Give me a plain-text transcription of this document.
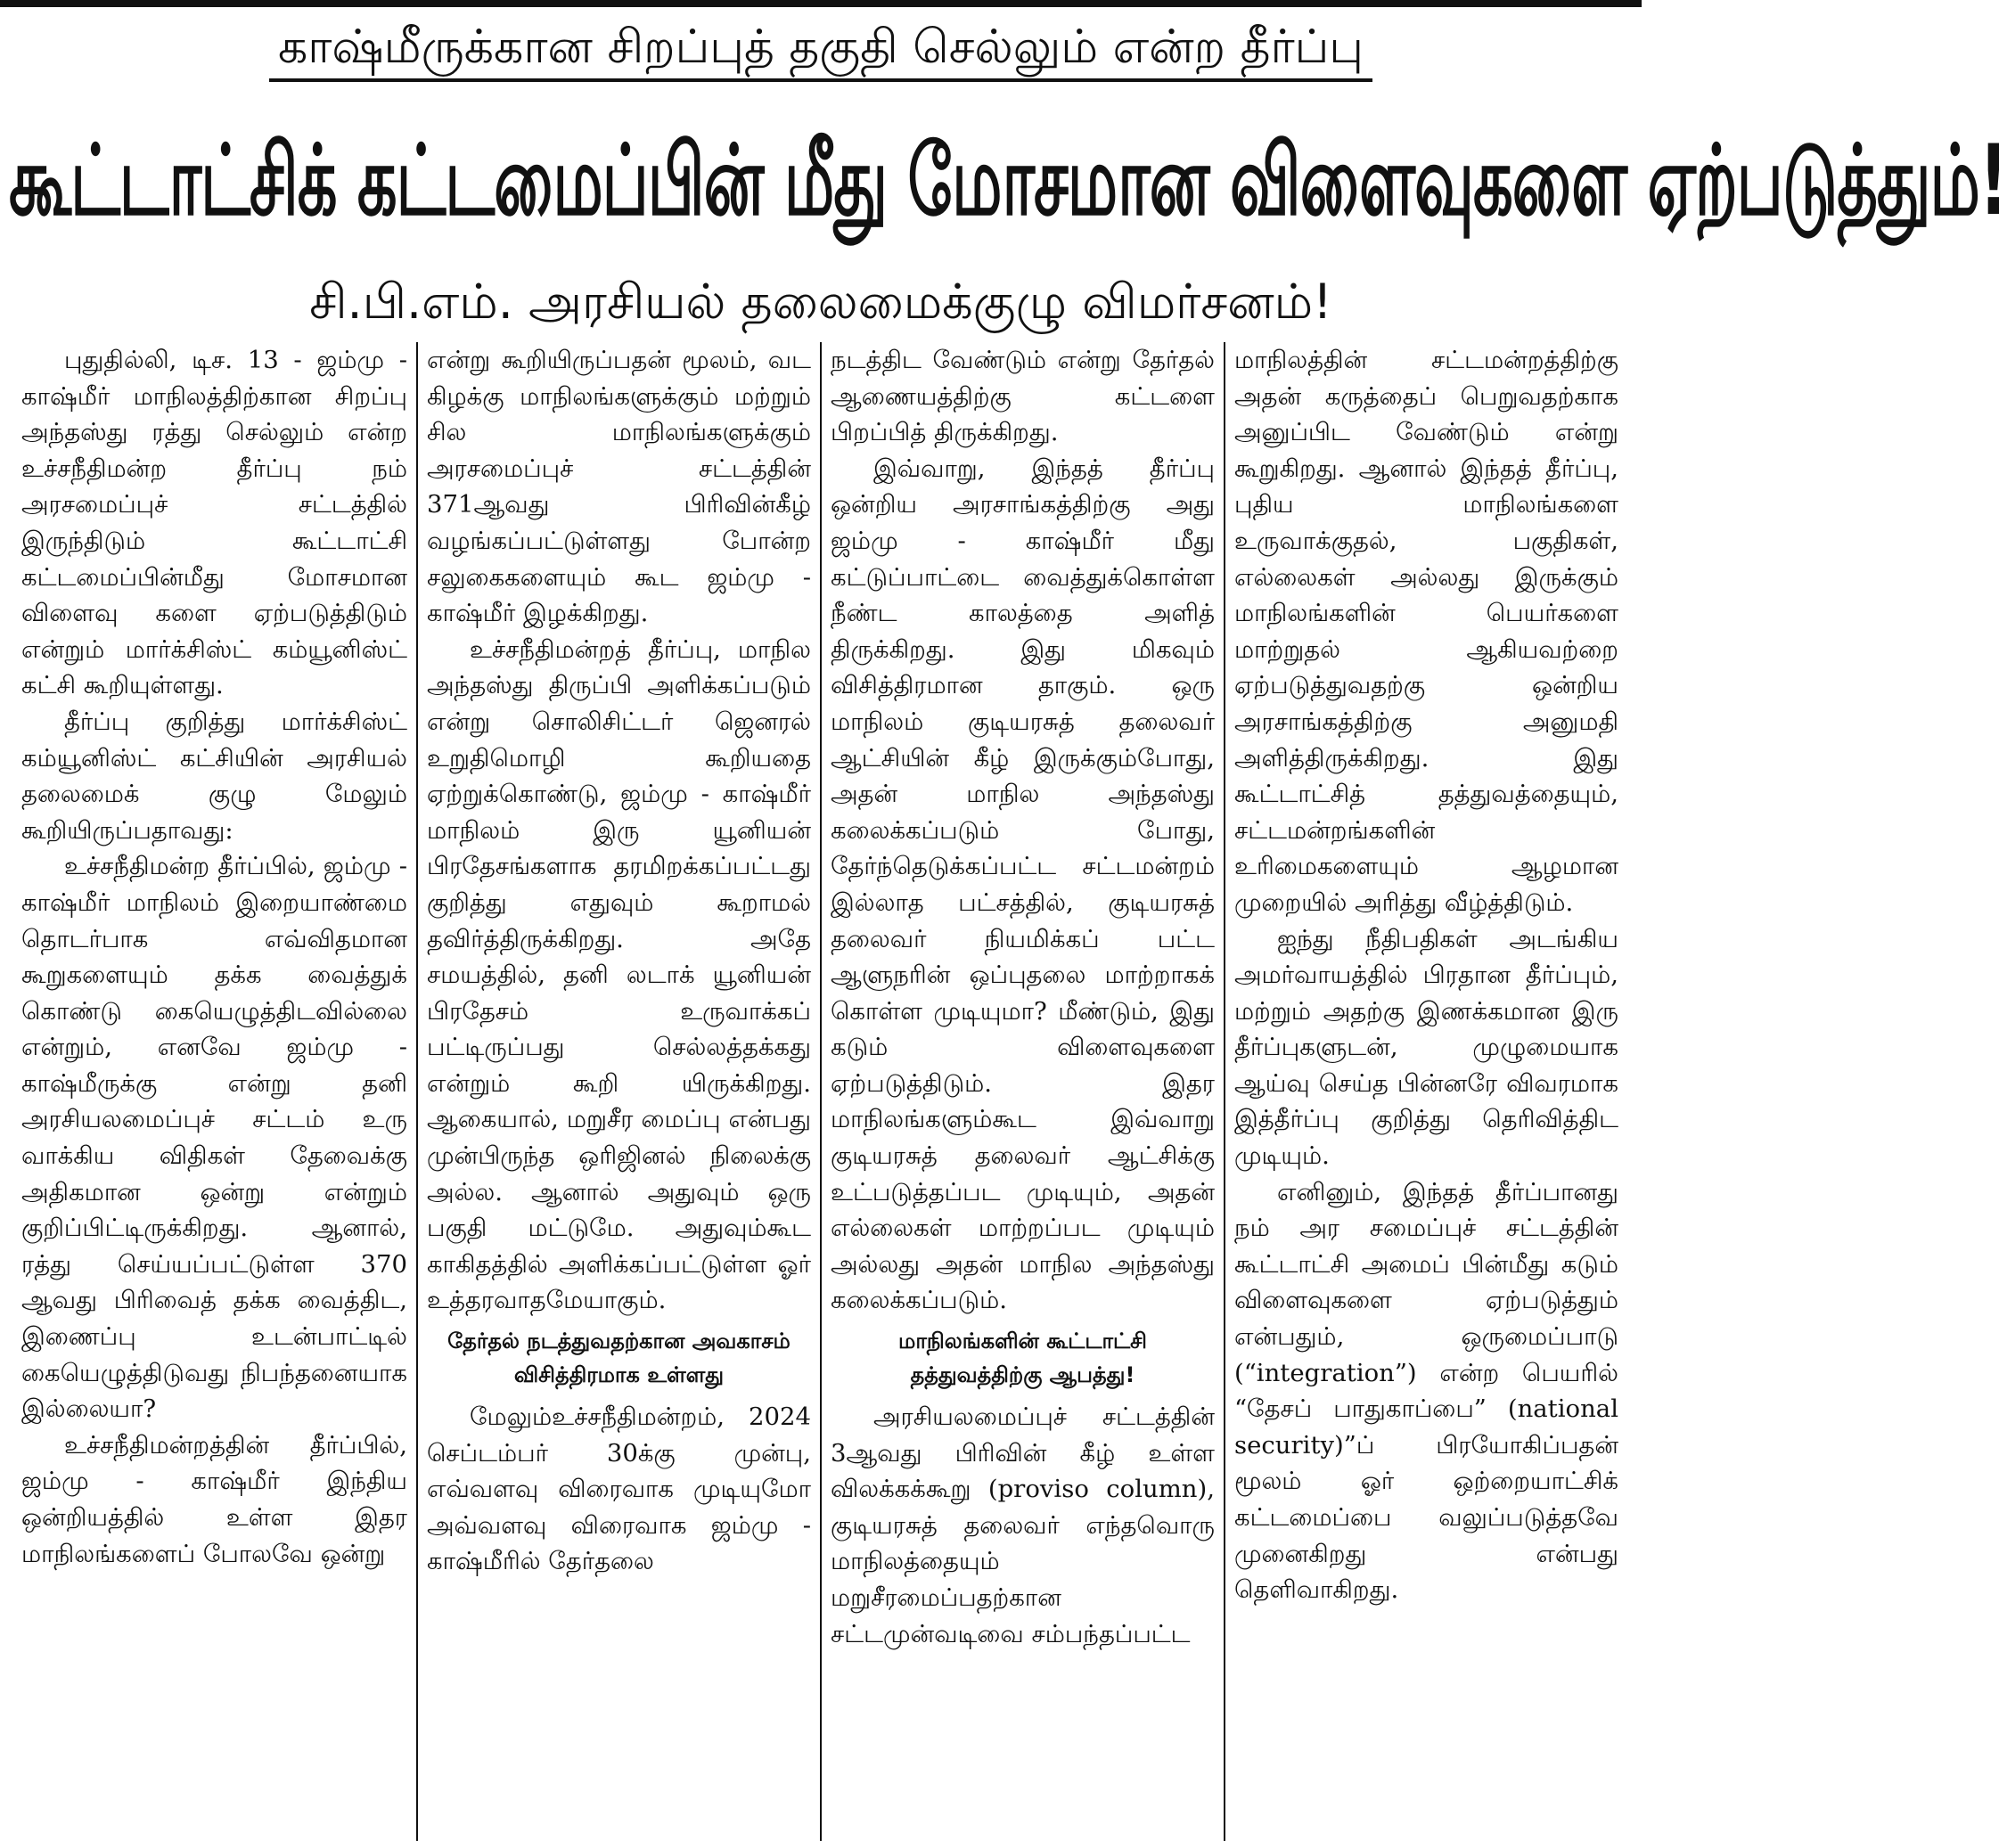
காஷ்மீருக்கான சிறப்புத் தகுதி செல்லும் என்ற தீர்ப்பு
கூட்டாட்சிக் கட்டமைப்பின் மீது மோசமான விளைவுகளை ஏற்படுத்தும்!
சி.பி.எம். அரசியல் தலைமைக்குழு விமர்சனம்!

புதுதில்லி, டிச. 13 - ஜம்மு - காஷ்மீர் மாநிலத்திற்கான சிறப்பு அந்தஸ்து ரத்து செல்லும் என்ற உச்சநீதிமன்ற தீர்ப்பு நம் அரசமைப்புச் சட்டத்தில் இருந்திடும் கூட்டாட்சி கட்டமைப்பின்மீது மோசமான விளைவு களை ஏற்படுத்திடும் என்றும் மார்க்சிஸ்ட் கம்யூனிஸ்ட் கட்சி கூறியுள்ளது.

தீர்ப்பு குறித்து மார்க்சிஸ்ட் கம்யூனிஸ்ட் கட்சியின் அரசியல் தலைமைக் குழு மேலும் கூறியிருப்பதாவது:

உச்சநீதிமன்ற தீர்ப்பில், ஜம்மு - காஷ்மீர் மாநிலம் இறையாண்மை தொடர்பாக எவ்விதமான கூறுகளையும் தக்க வைத்துக் கொண்டு கையெழுத்திடவில்லை என்றும், எனவே ஜம்மு - காஷ்மீருக்கு என்று தனி அரசியலமைப்புச் சட்டம் உரு வாக்கிய விதிகள் தேவைக்கு அதிகமான ஒன்று என்றும் குறிப்பிட்டிருக்கிறது. ஆனால், ரத்து செய்யப்பட்டுள்ள 370 ஆவது பிரிவைத் தக்க வைத்திட, இணைப்பு உடன்பாட்டில் கையெழுத்திடுவது நிபந்தனையாக இல்லையா?

உச்சநீதிமன்றத்தின் தீர்ப்பில், ஜம்மு - காஷ்மீர் இந்திய ஒன்றியத்தில் உள்ள இதர மாநிலங்களைப் போலவே ஒன்று

என்று கூறியிருப்பதன் மூலம், வட கிழக்கு மாநிலங்களுக்கும் மற்றும் சில மாநிலங்களுக்கும் அரசமைப்புச் சட்டத்தின் 371ஆவது பிரிவின்கீழ் வழங்கப்பட்டுள்ளது போன்ற சலுகைகளையும் கூட ஜம்மு - காஷ்மீர் இழக்கிறது.

உச்சநீதிமன்றத் தீர்ப்பு, மாநில அந்தஸ்து திருப்பி அளிக்கப்படும் என்று சொலிசிட்டர் ஜெனரல் உறுதிமொழி கூறியதை ஏற்றுக்கொண்டு, ஜம்மு - காஷ்மீர் மாநிலம் இரு யூனியன் பிரதேசங்களாக தரமிறக்கப்பட்டது குறித்து எதுவும் கூறாமல் தவிர்த்திருக்கிறது. அதே சமயத்தில், தனி லடாக் யூனியன் பிரதேசம் உருவாக்கப் பட்டிருப்பது செல்லத்தக்கது என்றும் கூறி யிருக்கிறது. ஆகையால், மறுசீர மைப்பு என்பது முன்பிருந்த ஒரிஜினல் நிலைக்கு அல்ல. ஆனால் அதுவும் ஒரு பகுதி மட்டுமே. அதுவும்கூட காகிதத்தில் அளிக்கப்பட்டுள்ள ஓர் உத்தரவாதமேயாகும்.

தேர்தல் நடத்துவதற்கான அவகாசம் விசித்திரமாக உள்ளது

மேலும்உச்சநீதிமன்றம், 2024 செப்டம்பர் 30க்கு முன்பு, எவ்வளவு விரைவாக முடியுமோ அவ்வளவு விரைவாக ஜம்மு - காஷ்மீரில் தேர்தலை

நடத்திட வேண்டும் என்று தேர்தல் ஆணையத்திற்கு கட்டளை பிறப்பித் திருக்கிறது.

இவ்வாறு, இந்தத் தீர்ப்பு ஒன்றிய அரசாங்கத்திற்கு அது ஜம்மு - காஷ்மீர் மீது கட்டுப்பாட்டை வைத்துக்கொள்ள நீண்ட காலத்தை அளித் திருக்கிறது. இது மிகவும் விசித்திரமான தாகும். ஒரு மாநிலம் குடியரசுத் தலைவர் ஆட்சியின் கீழ் இருக்கும்போது, அதன் மாநில அந்தஸ்து கலைக்கப்படும் போது, தேர்ந்தெடுக்கப்பட்ட சட்டமன்றம் இல்லாத பட்சத்தில், குடியரசுத் தலைவர் நியமிக்கப் பட்ட ஆளுநரின் ஒப்புதலை மாற்றாகக் கொள்ள முடியுமா? மீண்டும், இது கடும் விளைவுகளை ஏற்படுத்திடும். இதர மாநிலங்களும்கூட இவ்வாறு குடியரசுத் தலைவர் ஆட்சிக்கு உட்படுத்தப்பட முடியும், அதன் எல்லைகள் மாற்றப்பட முடியும் அல்லது அதன் மாநில அந்தஸ்து கலைக்கப்படும்.

மாநிலங்களின் கூட்டாட்சி தத்துவத்திற்கு ஆபத்து!

அரசியலமைப்புச் சட்டத்தின் 3ஆவது பிரிவின் கீழ் உள்ள விலக்கக்கூறு (proviso column), குடியரசுத் தலைவர் எந்தவொரு மாநிலத்தையும் மறுசீரமைப்பதற்கான சட்டமுன்வடிவை சம்பந்தப்பட்ட

மாநிலத்தின் சட்டமன்றத்திற்கு அதன் கருத்தைப் பெறுவதற்காக அனுப்பிட வேண்டும் என்று கூறுகிறது. ஆனால் இந்தத் தீர்ப்பு, புதிய மாநிலங்களை உருவாக்குதல், பகுதிகள், எல்லைகள் அல்லது இருக்கும் மாநிலங்களின் பெயர்களை மாற்றுதல் ஆகியவற்றை ஏற்படுத்துவதற்கு ஒன்றிய அரசாங்கத்திற்கு அனுமதி அளித்திருக்கிறது. இது கூட்டாட்சித் தத்துவத்தையும், சட்டமன்றங்களின் உரிமைகளையும் ஆழமான முறையில் அரித்து வீழ்த்திடும்.

ஐந்து நீதிபதிகள் அடங்கிய அமர்வாயத்தில் பிரதான தீர்ப்பும், மற்றும் அதற்கு இணக்கமான இரு தீர்ப்புகளுடன், முழுமையாக ஆய்வு செய்த பின்னரே விவரமாக இத்தீர்ப்பு குறித்து தெரிவித்திட முடியும்.

எனினும், இந்தத் தீர்ப்பானது நம் அர சமைப்புச் சட்டத்தின் கூட்டாட்சி அமைப் பின்மீது கடும் விளைவுகளை ஏற்படுத்தும் என்பதும், ஒருமைப்பாடு (“integration”) என்ற பெயரில் “தேசப் பாதுகாப்பை” (national security)”ப் பிரயோகிப்பதன் மூலம் ஓர் ஒற்றையாட்சிக் கட்டமைப்பை வலுப்படுத்தவே முனைகிறது என்பது தெளிவாகிறது.
